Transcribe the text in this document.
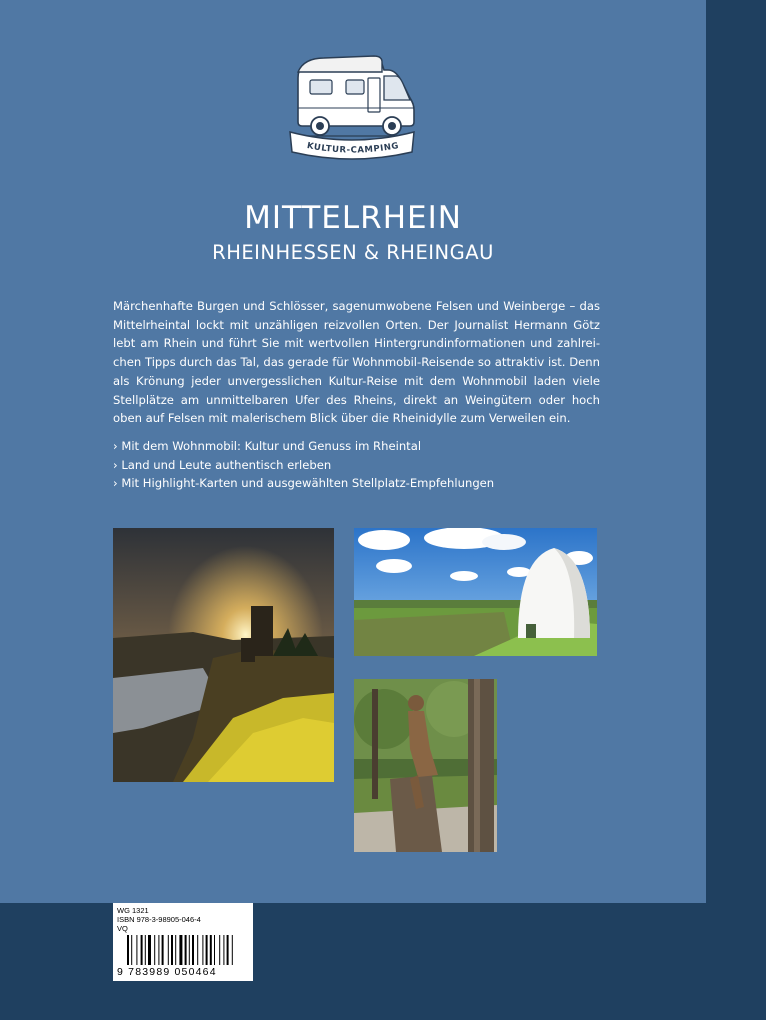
KULTUR-CAMPING
MITTELRHEIN
RHEINHESSEN & RHEINGAU

Märchenhafte Burgen und Schlösser, sagenumwobene Felsen und Weinberge – das Mittelrheintal lockt mit unzähligen reizvollen Orten. Der Journalist Hermann Götz lebt am Rhein und führt Sie mit wertvollen Hintergrundinformationen und zahlreichen Tipps durch das Tal, das gerade für Wohnmobil-Reisende so attraktiv ist. Denn als Krönung jeder unvergesslichen Kultur-Reise mit dem Wohnmobil laden viele Stellplätze am unmittelbaren Ufer des Rheins, direkt an Weingütern oder hoch oben auf Felsen mit malerischem Blick über die Rheinidylle zum Verweilen ein.

› Mit dem Wohnmobil: Kultur und Genuss im Rheintal
› Land und Leute authentisch erleben
› Mit Highlight-Karten und ausgewählten Stellplatz-Empfehlungen
WG 1321
ISBN 978-3-98905-046-4
VQ
9 783989 050464
